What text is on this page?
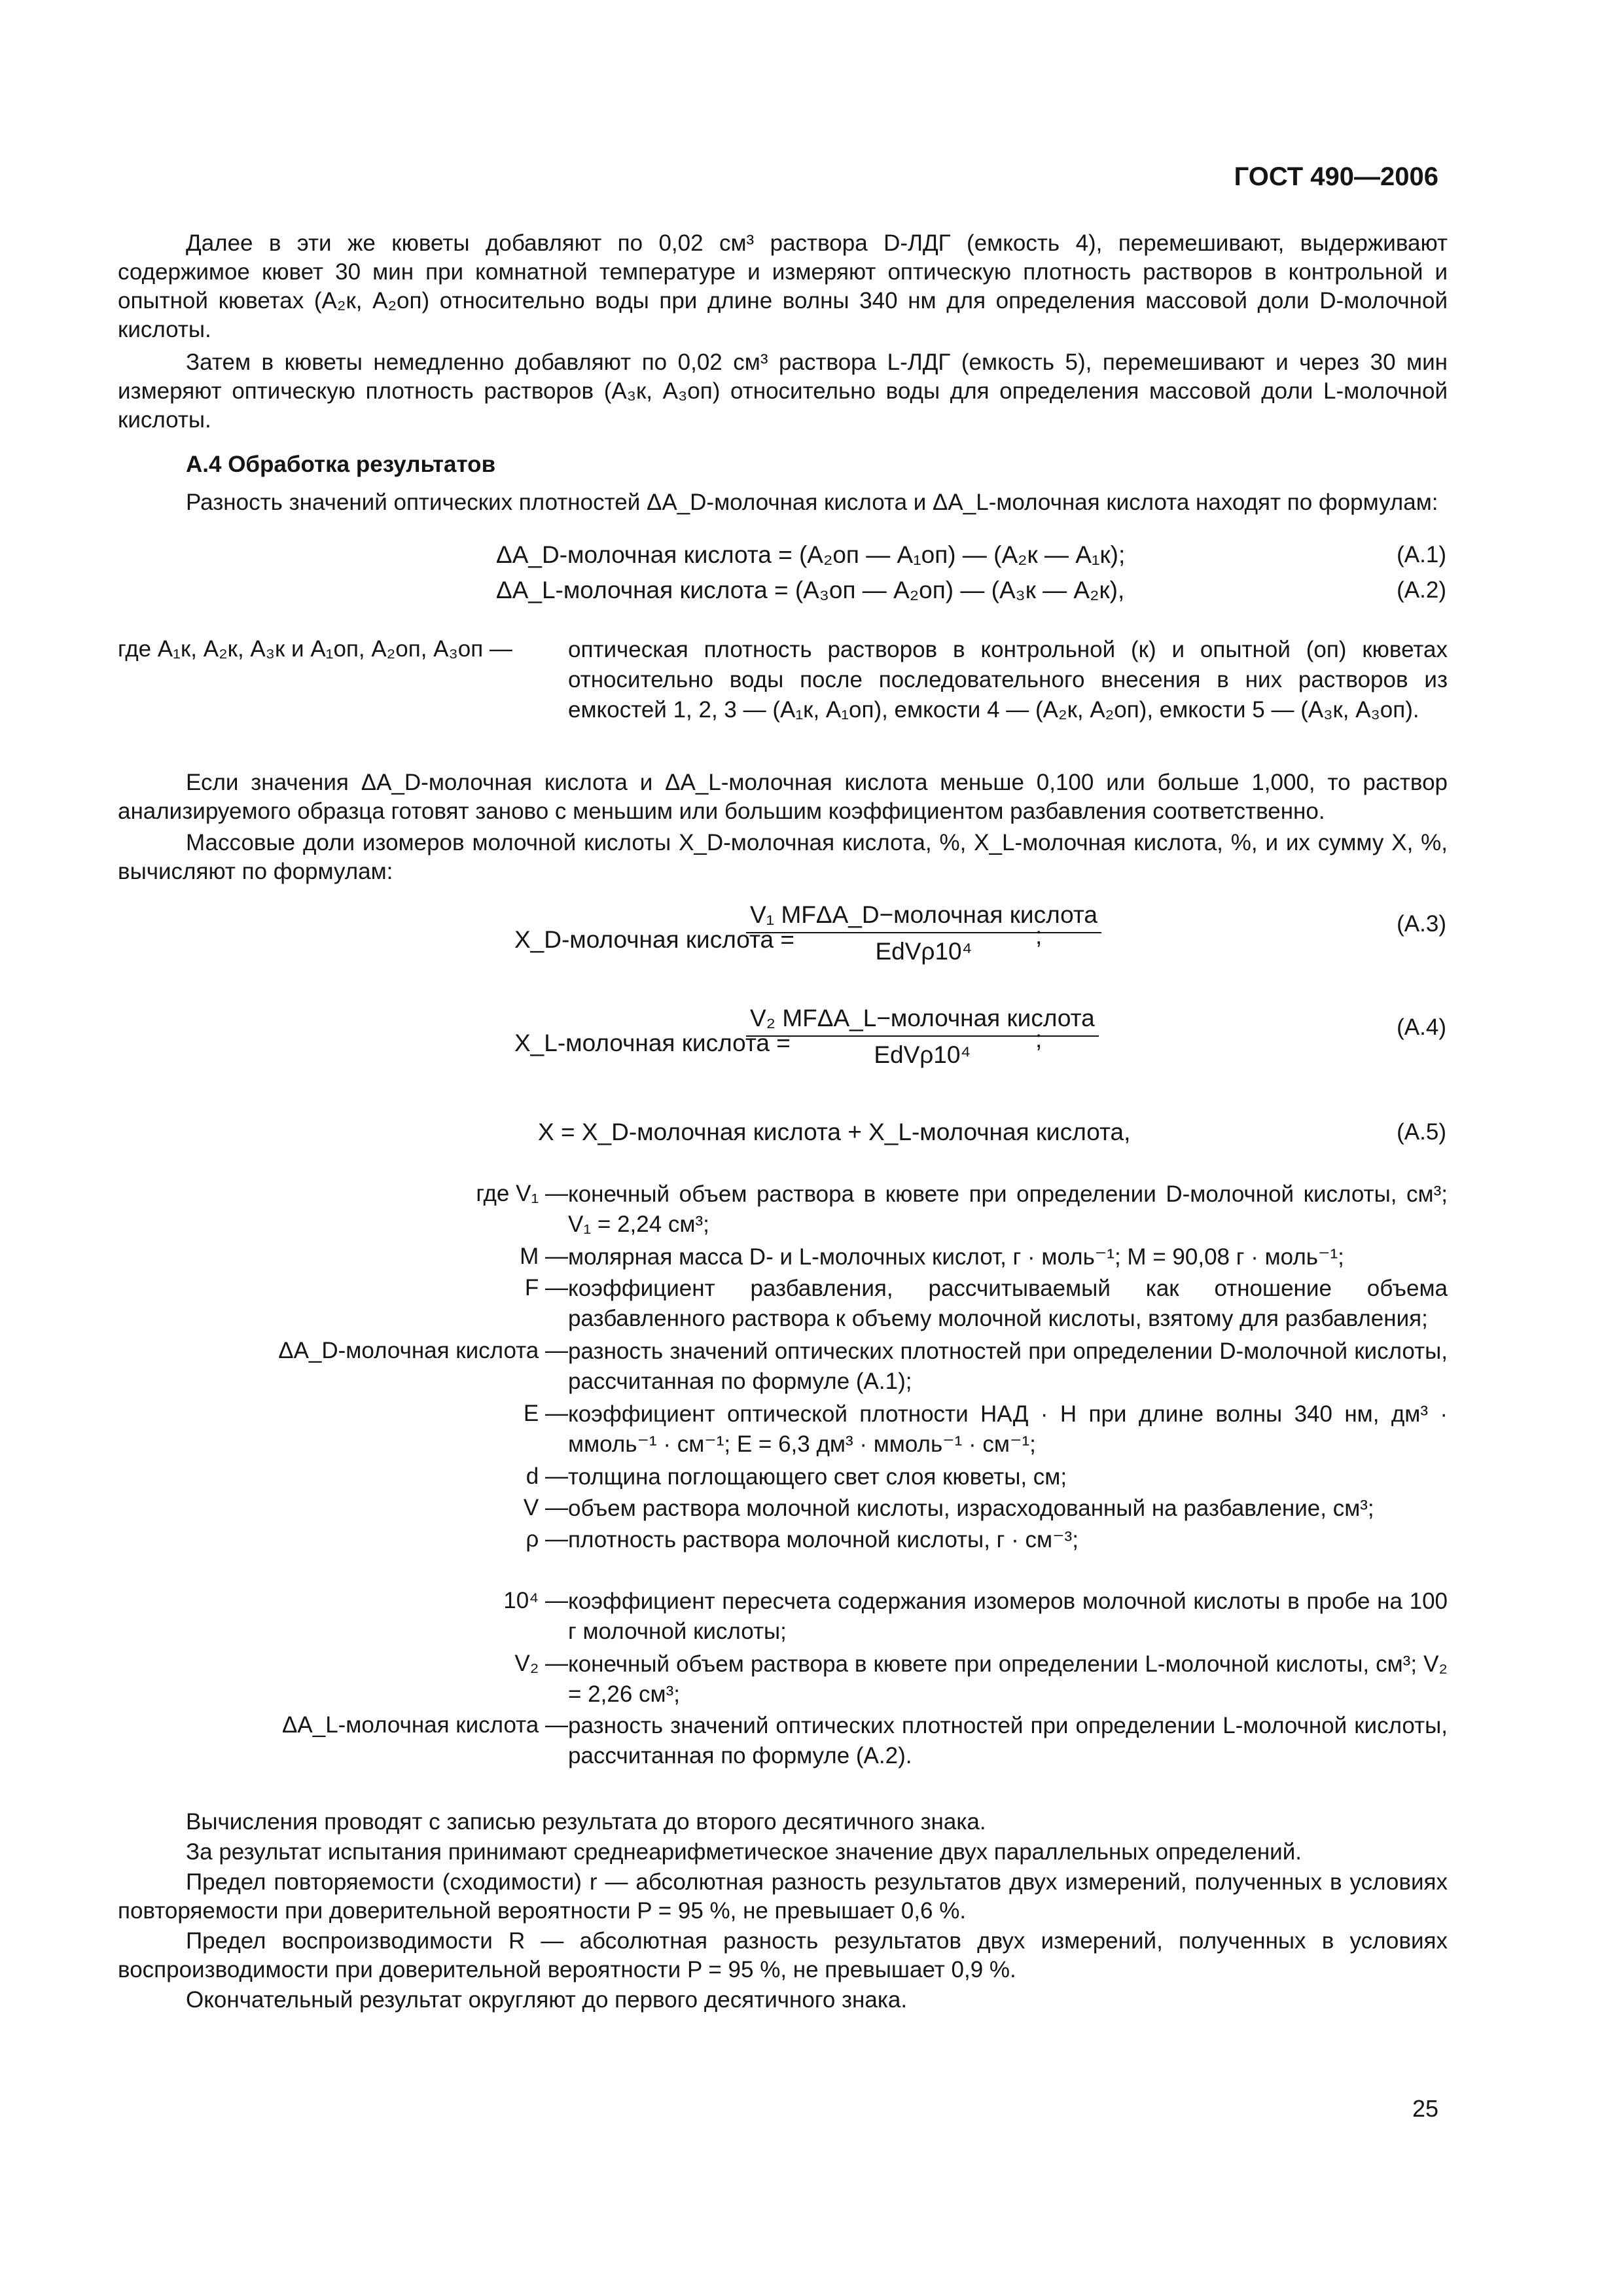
ГОСТ 490—2006
Далее в эти же кюветы добавляют по 0,02 см³ раствора D-ЛДГ (емкость 4), перемешивают, выдерживают содержимое кювет 30 мин при комнатной температуре и измеряют оптическую плотность растворов в контрольной и опытной кюветах (A₂к, A₂оп) относительно воды при длине волны 340 нм для определения массовой доли D-молочной кислоты.
Затем в кюветы немедленно добавляют по 0,02 см³ раствора L-ЛДГ (емкость 5), перемешивают и через 30 мин измеряют оптическую плотность растворов (A₃к, A₃оп) относительно воды для определения массовой доли L-молочной кислоты.
А.4 Обработка результатов
Разность значений оптических плотностей ΔA_D-молочная кислота и ΔA_L-молочная кислота находят по формулам:
ΔA_D-молочная кислота = (A₂оп — A₁оп) — (A₂к — A₁к);	(A.1)
ΔA_L-молочная кислота = (A₃оп — A₂оп) — (A₃к — A₂к),	(A.2)
где A₁к, A₂к, A₃к и A₁оп, A₂оп, A₃оп — оптическая плотность растворов в контрольной (к) и опытной (оп) кюветах относительно воды после последовательного внесения в них растворов из емкостей 1, 2, 3 — (A₁к, A₁оп), емкости 4 — (A₂к, A₂оп), емкости 5 — (A₃к, A₃оп).
Если значения ΔA_D-молочная кислота и ΔA_L-молочная кислота меньше 0,100 или больше 1,000, то раствор анализируемого образца готовят заново с меньшим или большим коэффициентом разбавления соответственно.
Массовые доли изомеров молочной кислоты X_D-молочная кислота, %, X_L-молочная кислота, %, и их сумму X, %, вычисляют по формулам:
X_D-молочная кислота =
V₁ MFΔA_D−молочная кислота
EdVρ10⁴
;	(A.3)
X_L-молочная кислота =
V₂ MFΔA_L−молочная кислота
EdVρ10⁴
;	(A.4)
X = X_D-молочная кислота + X_L-молочная кислота,	(A.5)
где V₁ — конечный объем раствора в кювете при определении D-молочной кислоты, см³; V₁ = 2,24 см³;
M — молярная масса D- и L-молочных кислот, г · моль⁻¹; M = 90,08 г · моль⁻¹;
F — коэффициент разбавления, рассчитываемый как отношение объема разбавленного раствора к объему молочной кислоты, взятому для разбавления;
ΔA_D-молочная кислота — разность значений оптических плотностей при определении D-молочной кислоты, рассчитанная по формуле (A.1);
E — коэффициент оптической плотности НАД · Н при длине волны 340 нм, дм³ · ммоль⁻¹ · см⁻¹; E = 6,3 дм³ · ммоль⁻¹ · см⁻¹;
d — толщина поглощающего свет слоя кюветы, см;
V — объем раствора молочной кислоты, израсходованный на разбавление, см³;
ρ — плотность раствора молочной кислоты, г · см⁻³;
10⁴ — коэффициент пересчета содержания изомеров молочной кислоты в пробе на 100 г молочной кислоты;
V₂ — конечный объем раствора в кювете при определении L-молочной кислоты, см³; V₂ = 2,26 см³;
ΔA_L-молочная кислота — разность значений оптических плотностей при определении L-молочной кислоты, рассчитанная по формуле (A.2).
Вычисления проводят с записью результата до второго десятичного знака.
За результат испытания принимают среднеарифметическое значение двух параллельных определений.
Предел повторяемости (сходимости) r — абсолютная разность результатов двух измерений, полученных в условиях повторяемости при доверительной вероятности P = 95 %, не превышает 0,6 %.
Предел воспроизводимости R — абсолютная разность результатов двух измерений, полученных в условиях воспроизводимости при доверительной вероятности P = 95 %, не превышает 0,9 %.
Окончательный результат округляют до первого десятичного знака.
25
